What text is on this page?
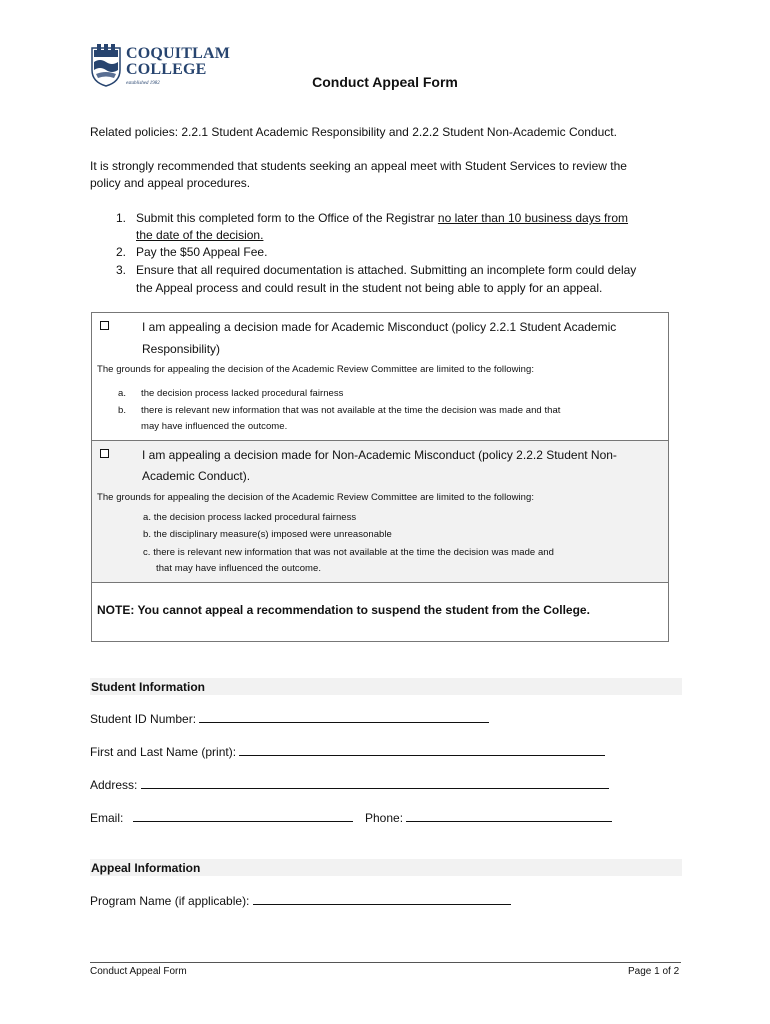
COQUITLAM
COLLEGE
established 1982	Conduct Appeal Form
Related policies: 2.2.1 Student Academic Responsibility and 2.2.2 Student Non-Academic Conduct.
It is strongly recommended that students seeking an appeal meet with Student Services to review the
policy and appeal procedures.
1. Submit this completed form to the Office of the Registrar no later than 10 business days from
the date of the decision.
2. Pay the $50 Appeal Fee.
3. Ensure that all required documentation is attached. Submitting an incomplete form could delay
the Appeal process and could result in the student not being able to apply for an appeal.
I am appealing a decision made for Academic Misconduct (policy 2.2.1 Student Academic
Responsibility)
The grounds for appealing the decision of the Academic Review Committee are limited to the following:
a. the decision process lacked procedural fairness
b. there is relevant new information that was not available at the time the decision was made and that
may have influenced the outcome.
I am appealing a decision made for Non-Academic Misconduct (policy 2.2.2 Student Non-
Academic Conduct).
The grounds for appealing the decision of the Academic Review Committee are limited to the following:
a. the decision process lacked procedural fairness
b. the disciplinary measure(s) imposed were unreasonable
c. there is relevant new information that was not available at the time the decision was made and
that may have influenced the outcome.
NOTE: You cannot appeal a recommendation to suspend the student from the College.
Student Information
Student ID Number:
First and Last Name (print):
Address:
Email:	Phone:
Appeal Information
Program Name (if applicable):
Conduct Appeal Form	Page 1 of 2
